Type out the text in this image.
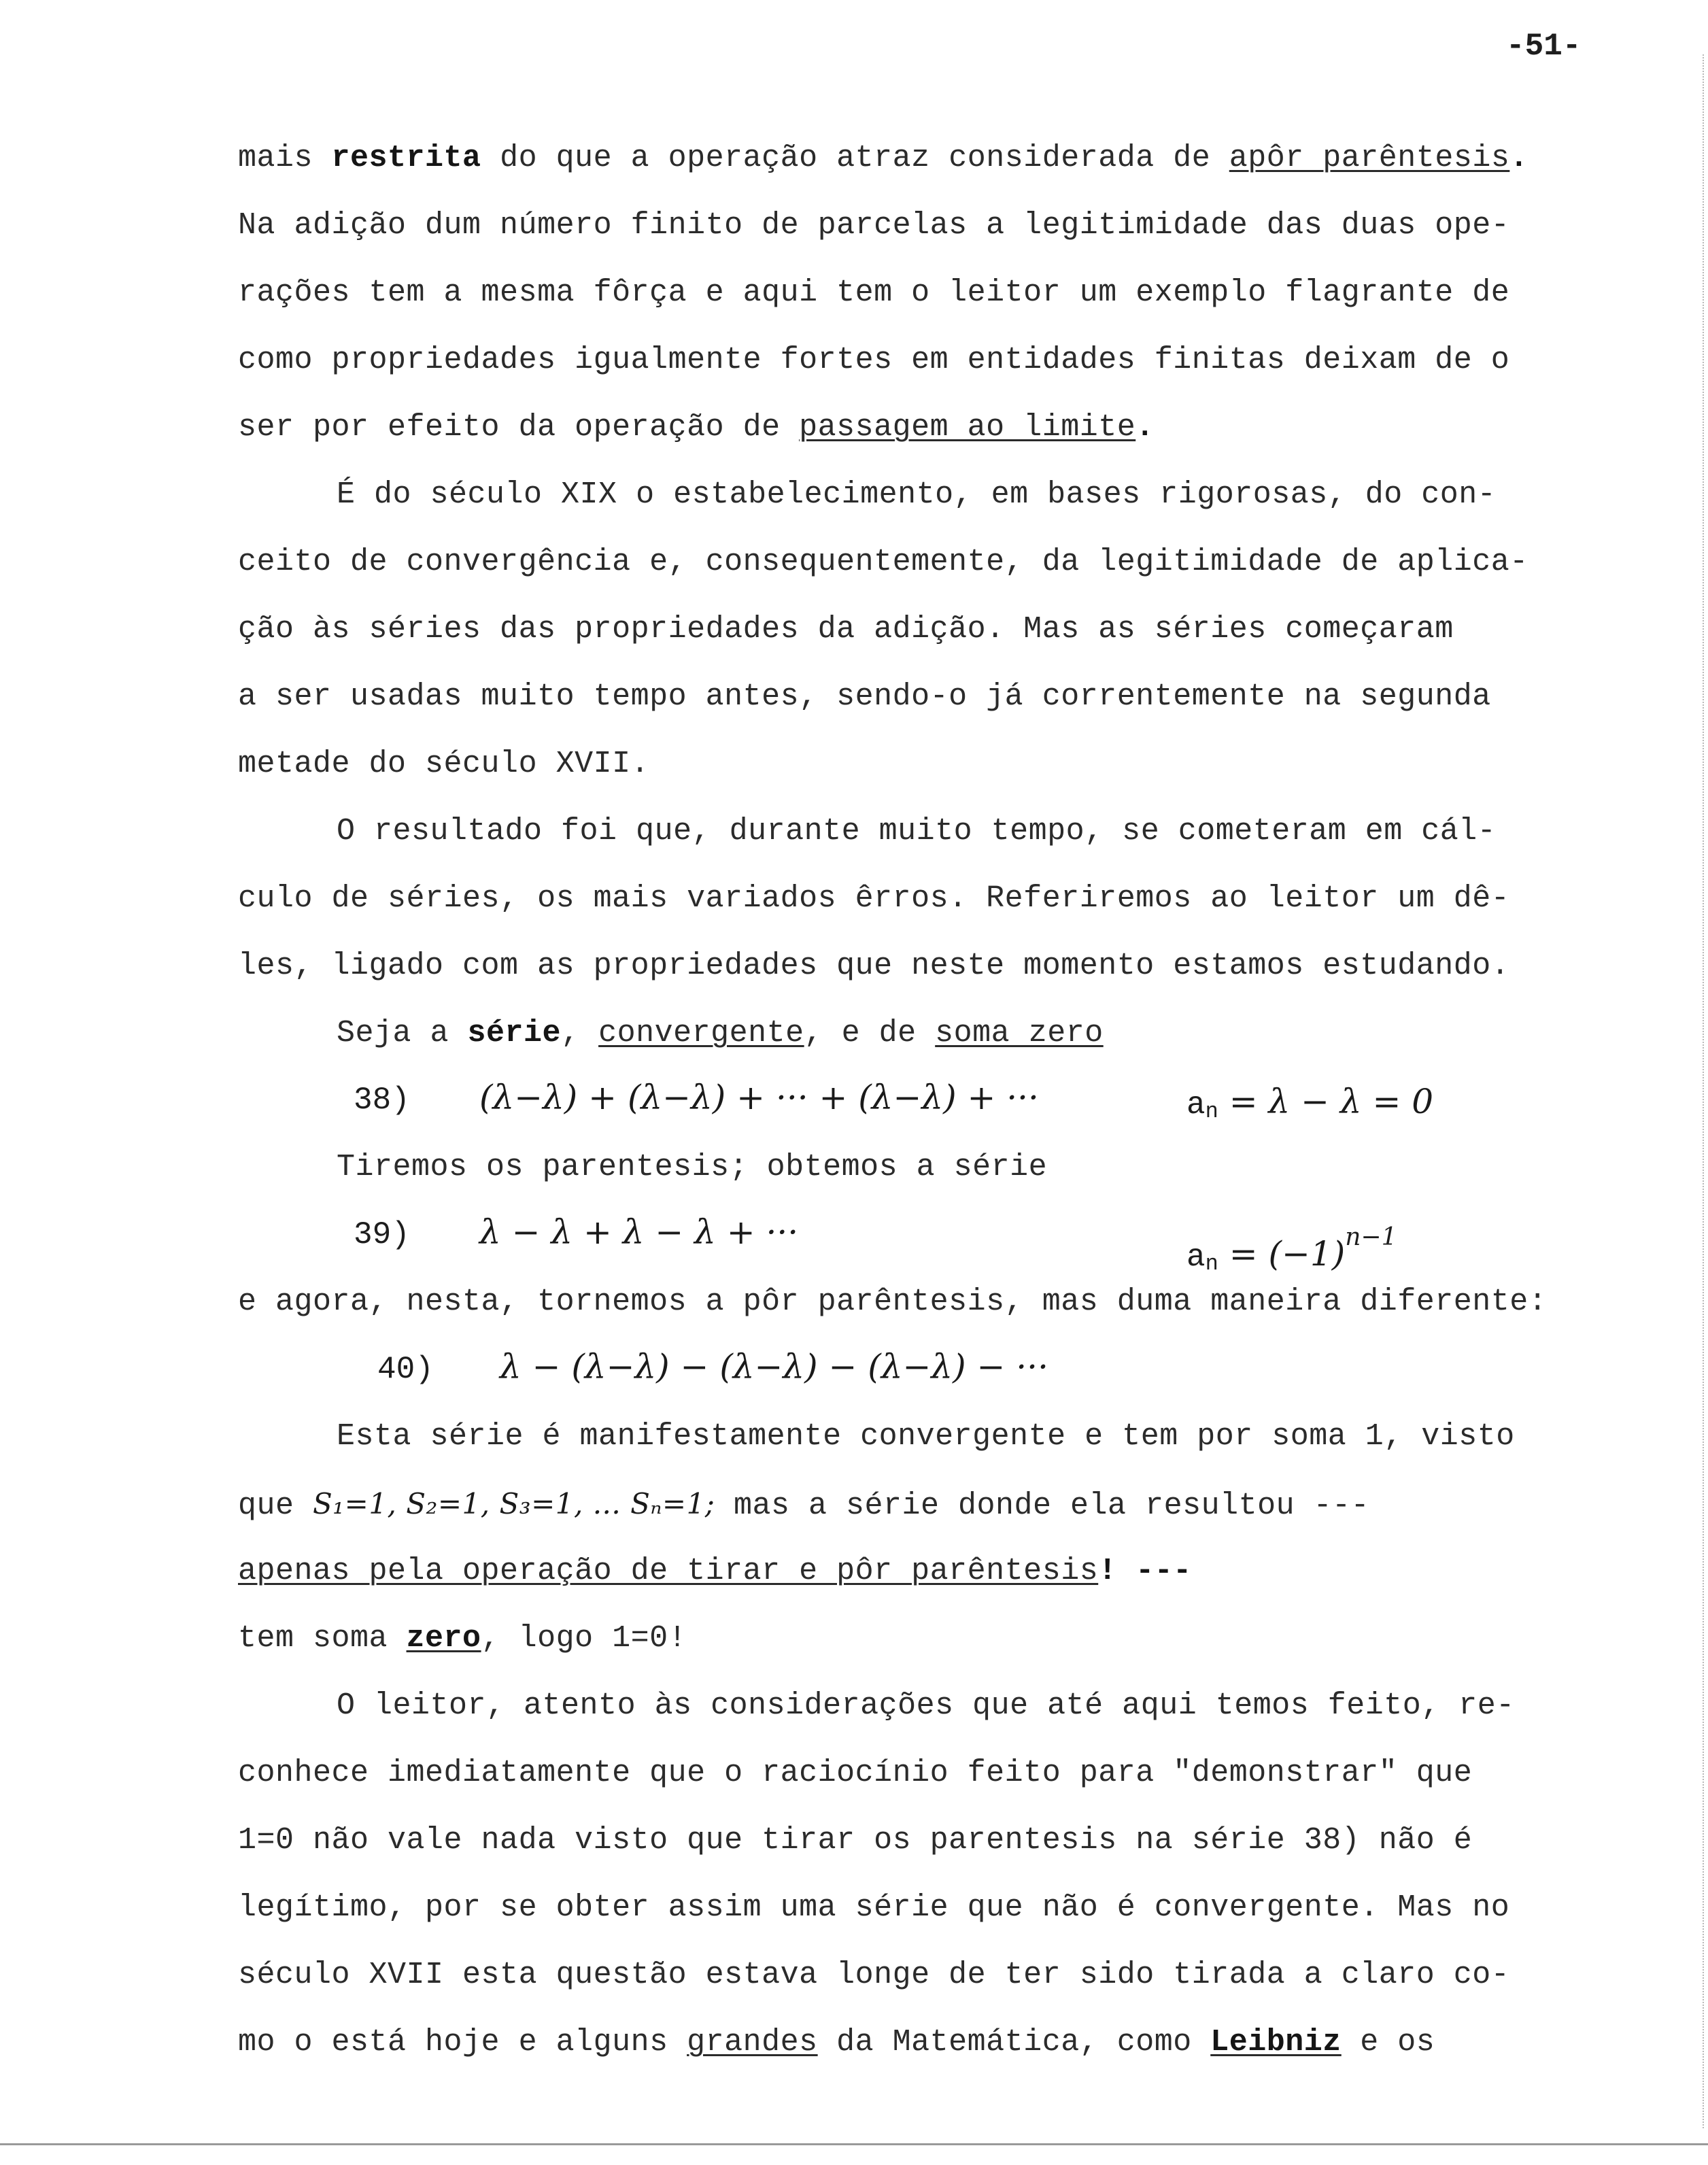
-51-
mais restrita do que a operação atraz considerada de apôr parêntesis.
Na adição dum número finito de parcelas a legitimidade das duas ope-
rações tem a mesma fôrça e aqui tem o leitor um exemplo flagrante de
como propriedades igualmente fortes em entidades finitas deixam de o
ser por efeito da operação de passagem ao limite.
É do século XIX o estabelecimento, em bases rigorosas, do con-
ceito de convergência e, consequentemente, da legitimidade de aplica-
ção às séries das propriedades da adição. Mas as séries começaram
a ser usadas muito tempo antes, sendo-o já correntemente na segunda
metade do século XVII.
O resultado foi que, durante muito tempo, se cometeram em cál-
culo de séries, os mais variados êrros. Referiremos ao leitor um dê-
les, ligado com as propriedades que neste momento estamos estudando.
Seja a série, convergente, e de soma zero
38) (λ−λ) + (λ−λ) + ··· + (λ−λ) + ···	an = λ − λ = 0
Tiremos os parentesis; obtemos a série
39) λ − λ + λ − λ + ···
an = $(-1)^{n-1}$
e agora, nesta, tornemos a pôr parêntesis, mas duma maneira diferente:
40) λ − (λ−λ) − (λ−λ) − (λ−λ) − ···
Esta série é manifestamente convergente e tem por soma 1, visto
que S₁=1, S₂=1, S₃=1, ... Sₙ=1; mas a série donde ela resultou ---
apenas pela operação de tirar e pôr parêntesis! ---
tem soma zero, logo 1=0!
O leitor, atento às considerações que até aqui temos feito, re-
conhece imediatamente que o raciocínio feito para "demonstrar" que
1=0 não vale nada visto que tirar os parentesis na série 38) não é
legítimo, por se obter assim uma série que não é convergente. Mas no
século XVII esta questão estava longe de ter sido tirada a claro co-
mo o está hoje e alguns grandes da Matemática, como Leibniz e os
